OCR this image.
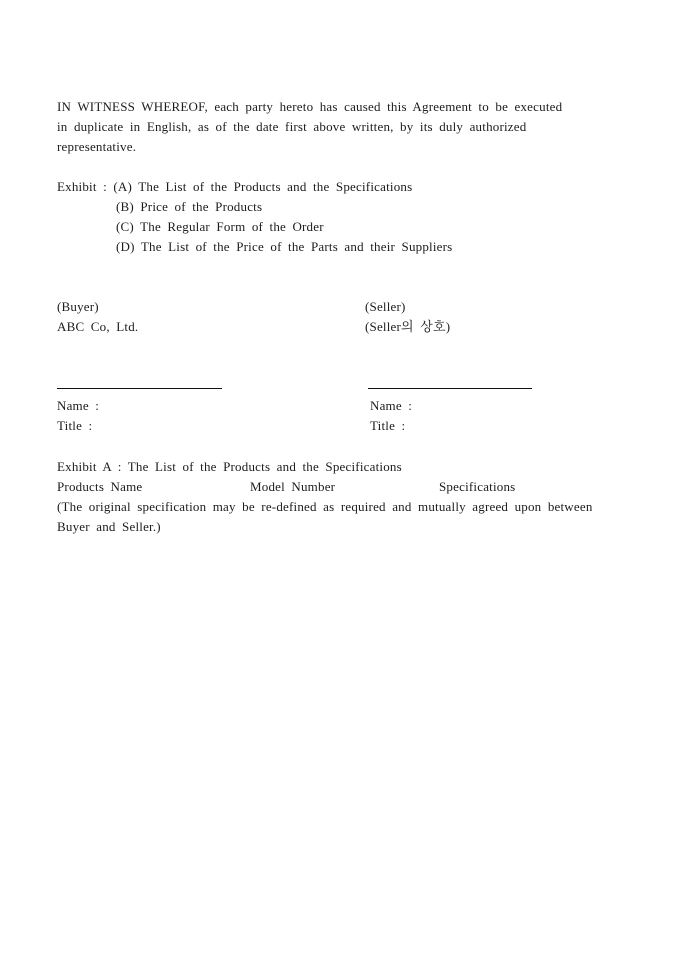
IN WITNESS WHEREOF, each party hereto has caused this Agreement to be executed
in duplicate in English, as of the date first above written, by its duly authorized
representative.
Exhibit : (A) The List of the Products and the Specifications
(B) Price of the Products
(C) The Regular Form of the Order
(D) The List of the Price of the Parts and their Suppliers
(Buyer)
ABC Co, Ltd.
(Seller)
(Seller의 상호)
Name :
Title :
Name :
Title :
Exhibit A : The List of the Products and the Specifications
Products Name	Model Number	Specifications
(The original specification may be re-defined as required and mutually agreed upon between
Buyer and Seller.)
